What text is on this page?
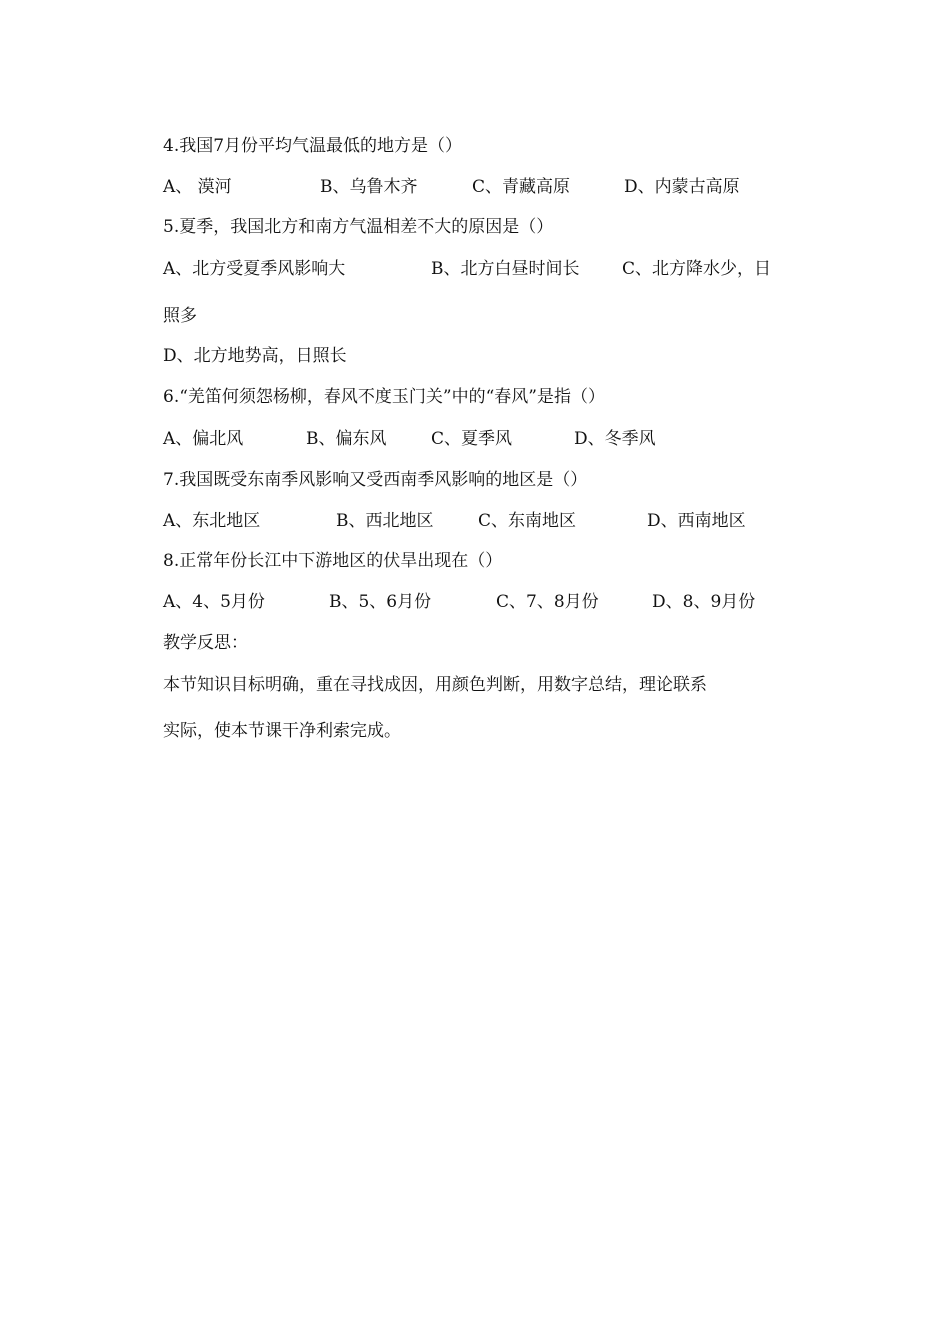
4.我国7月份平均气温最低的地方是（）
A、 漠河	B、乌鲁木齐	C、青藏高原	D、内蒙古高原
5.夏季，我国北方和南方气温相差不大的原因是（）
A、北方受夏季风影响大	B、北方白昼时间长	C、北方降水少，日
照多
D、北方地势高，日照长
6.“羌笛何须怨杨柳，春风不度玉门关”中的“春风”是指（）
A、偏北风	B、偏东风	C、夏季风	D、冬季风
7.我国既受东南季风影响又受西南季风影响的地区是（）
A、东北地区	B、西北地区	C、东南地区	D、西南地区
8.正常年份长江中下游地区的伏旱出现在（）
A、4、5月份	B、5、6月份	C、7、8月份	D、8、9月份
教学反思：
本节知识目标明确，重在寻找成因，用颜色判断，用数字总结，理论联系
实际，使本节课干净利索完成。
